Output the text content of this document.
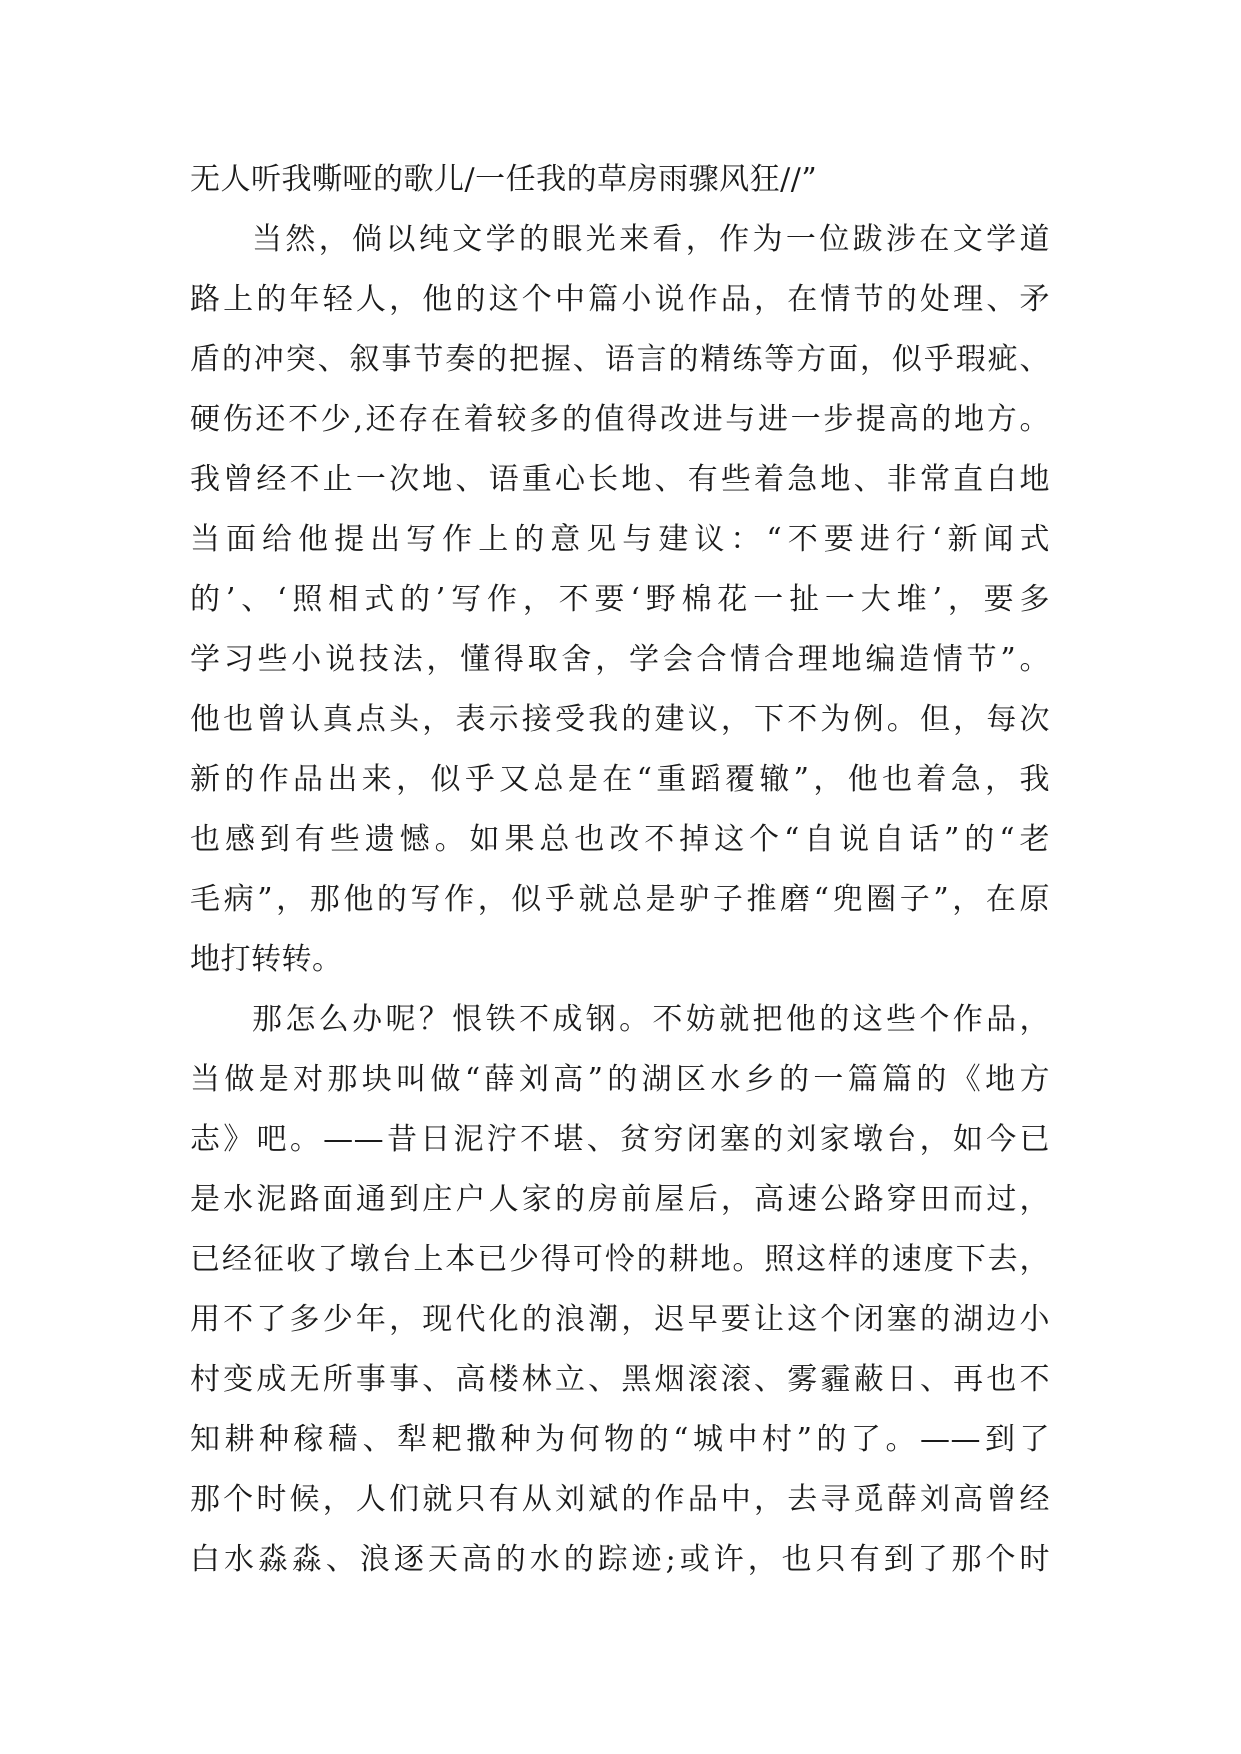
无人听我嘶哑的歌儿/一任我的草房雨骤风狂//”
当然，倘以纯文学的眼光来看，作为一位跋涉在文学道
路上的年轻人，他的这个中篇小说作品，在情节的处理、矛
盾的冲突、叙事节奏的把握、语言的精练等方面，似乎瑕疵、
硬伤还不少,还存在着较多的值得改进与进一步提高的地方。
我曾经不止一次地、语重心长地、有些着急地、非常直白地
当面给他提出写作上的意见与建议：“不要进行‘新闻式
的’、‘照相式的’写作，不要‘野棉花一扯一大堆’，要多
学习些小说技法，懂得取舍，学会合情合理地编造情节”。
他也曾认真点头，表示接受我的建议，下不为例。但，每次
新的作品出来，似乎又总是在“重蹈覆辙”，他也着急，我
也感到有些遗憾。如果总也改不掉这个“自说自话”的“老
毛病”，那他的写作，似乎就总是驴子推磨“兜圈子”，在原
地打转转。
那怎么办呢？恨铁不成钢。不妨就把他的这些个作品，
当做是对那块叫做“薛刘高”的湖区水乡的一篇篇的《地方
志》吧。——昔日泥泞不堪、贫穷闭塞的刘家墩台，如今已
是水泥路面通到庄户人家的房前屋后，高速公路穿田而过，
已经征收了墩台上本已少得可怜的耕地。照这样的速度下去，
用不了多少年，现代化的浪潮，迟早要让这个闭塞的湖边小
村变成无所事事、高楼林立、黑烟滚滚、雾霾蔽日、再也不
知耕种稼穑、犁耙撒种为何物的“城中村”的了。——到了
那个时候，人们就只有从刘斌的作品中，去寻觅薛刘高曾经
白水淼淼、浪逐天高的水的踪迹;或许，也只有到了那个时
